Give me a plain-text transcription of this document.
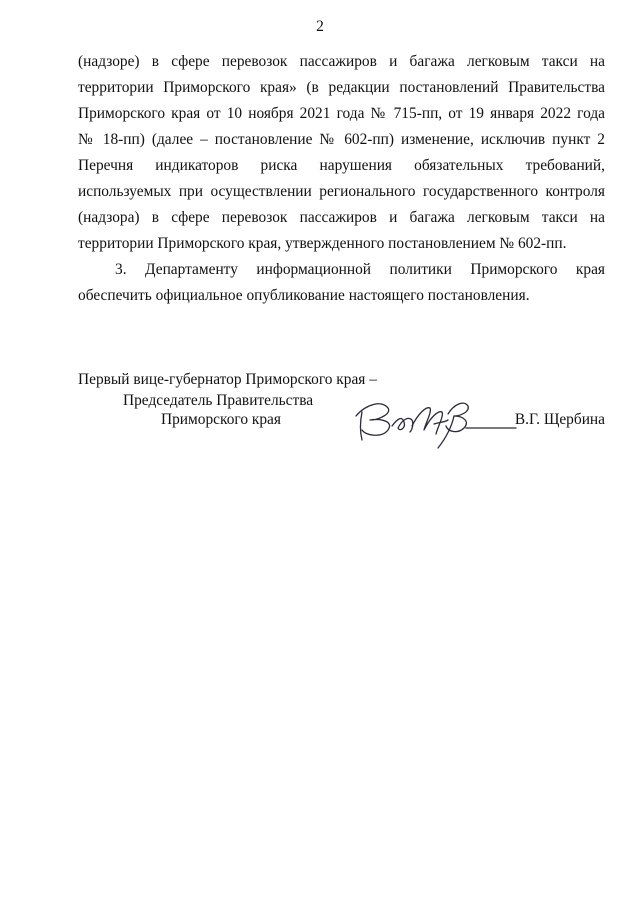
2

(надзоре) в сфере перевозок пассажиров и багажа легковым такси на
территории Приморского края» (в редакции постановлений Правительства
Приморского края от 10 ноября 2021 года № 715-пп, от 19 января 2022 года
№ 18-пп) (далее – постановление № 602-пп) изменение, исключив пункт 2
Перечня индикаторов риска нарушения обязательных требований,
используемых при осуществлении регионального государственного контроля
(надзора) в сфере перевозок пассажиров и багажа легковым такси на
территории Приморского края, утвержденного постановлением № 602-пп.

3. Департаменту информационной политики Приморского края
обеспечить официальное опубликование настоящего постановления.

Первый вице-губернатор Приморского края –
Председатель Правительства
Приморского края	В.Г. Щербина
